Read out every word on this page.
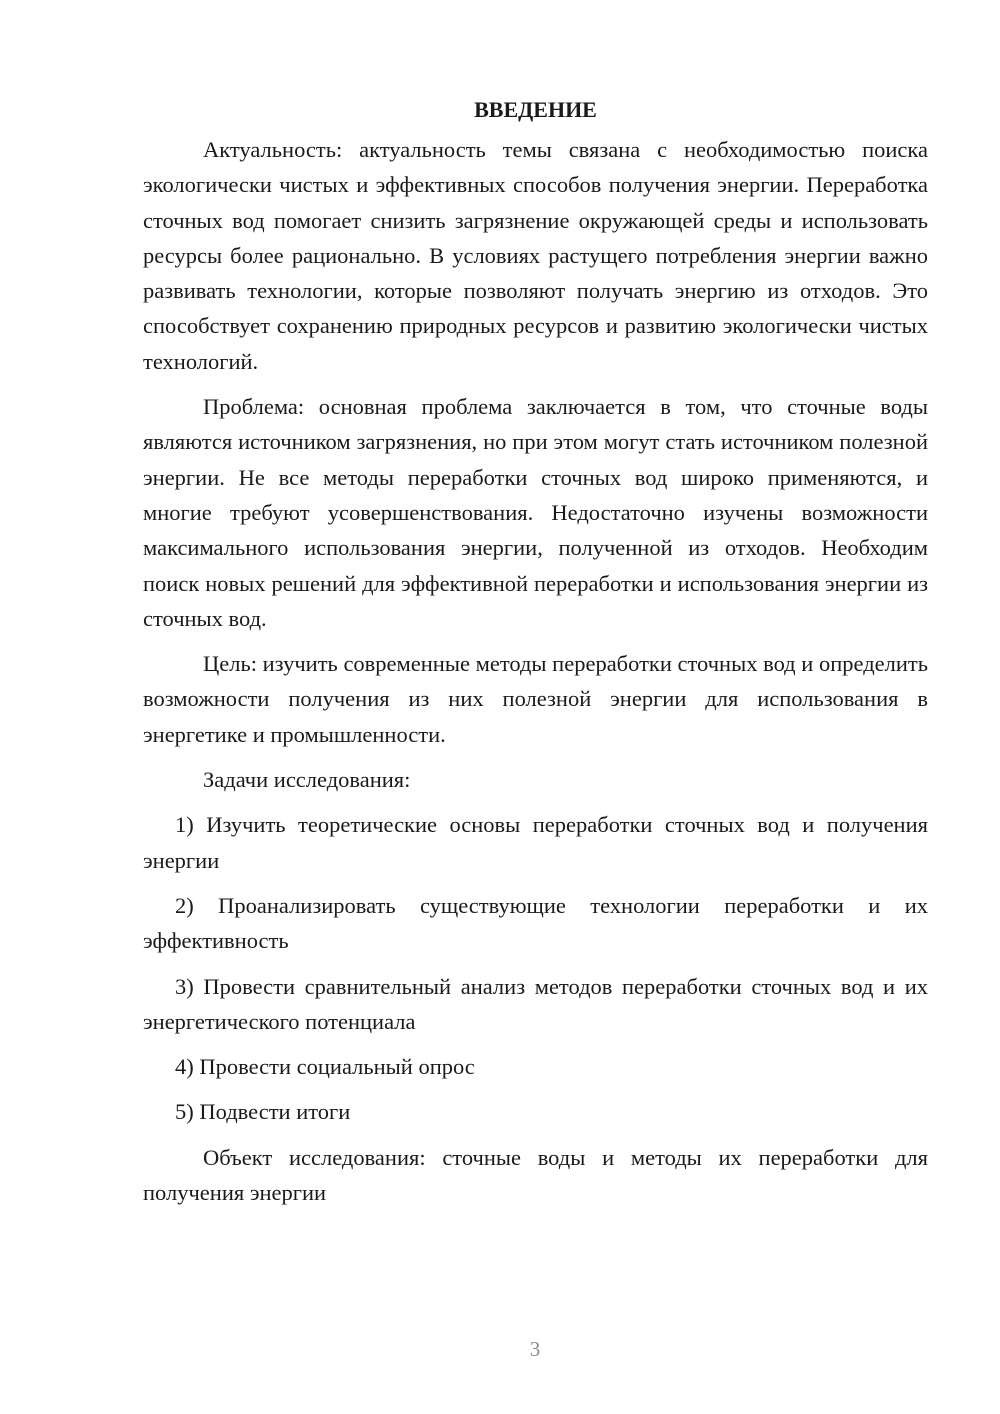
ВВЕДЕНИЕ

Актуальность: актуальность темы связана с необходимостью поиска экологически чистых и эффективных способов получения энергии. Переработка сточных вод помогает снизить загрязнение окружающей среды и использовать ресурсы более рационально. В условиях растущего потребления энергии важно развивать технологии, которые позволяют получать энергию из отходов. Это способствует сохранению природных ресурсов и развитию экологически чистых технологий.

Проблема: основная проблема заключается в том, что сточные воды являются источником загрязнения, но при этом могут стать источником полезной энергии. Не все методы переработки сточных вод широко применяются, и многие требуют усовершенствования. Недостаточно изучены возможности максимального использования энергии, полученной из отходов. Необходим поиск новых решений для эффективной переработки и использования энергии из сточных вод.

Цель: изучить современные методы переработки сточных вод и определить возможности получения из них полезной энергии для использования в энергетике и промышленности.

Задачи исследования:

1) Изучить теоретические основы переработки сточных вод и получения энергии

2) Проанализировать существующие технологии переработки и их эффективность

3) Провести сравнительный анализ методов переработки сточных вод и их энергетического потенциала

4) Провести социальный опрос

5) Подвести итоги

Объект исследования: сточные воды и методы их переработки для получения энергии

3
